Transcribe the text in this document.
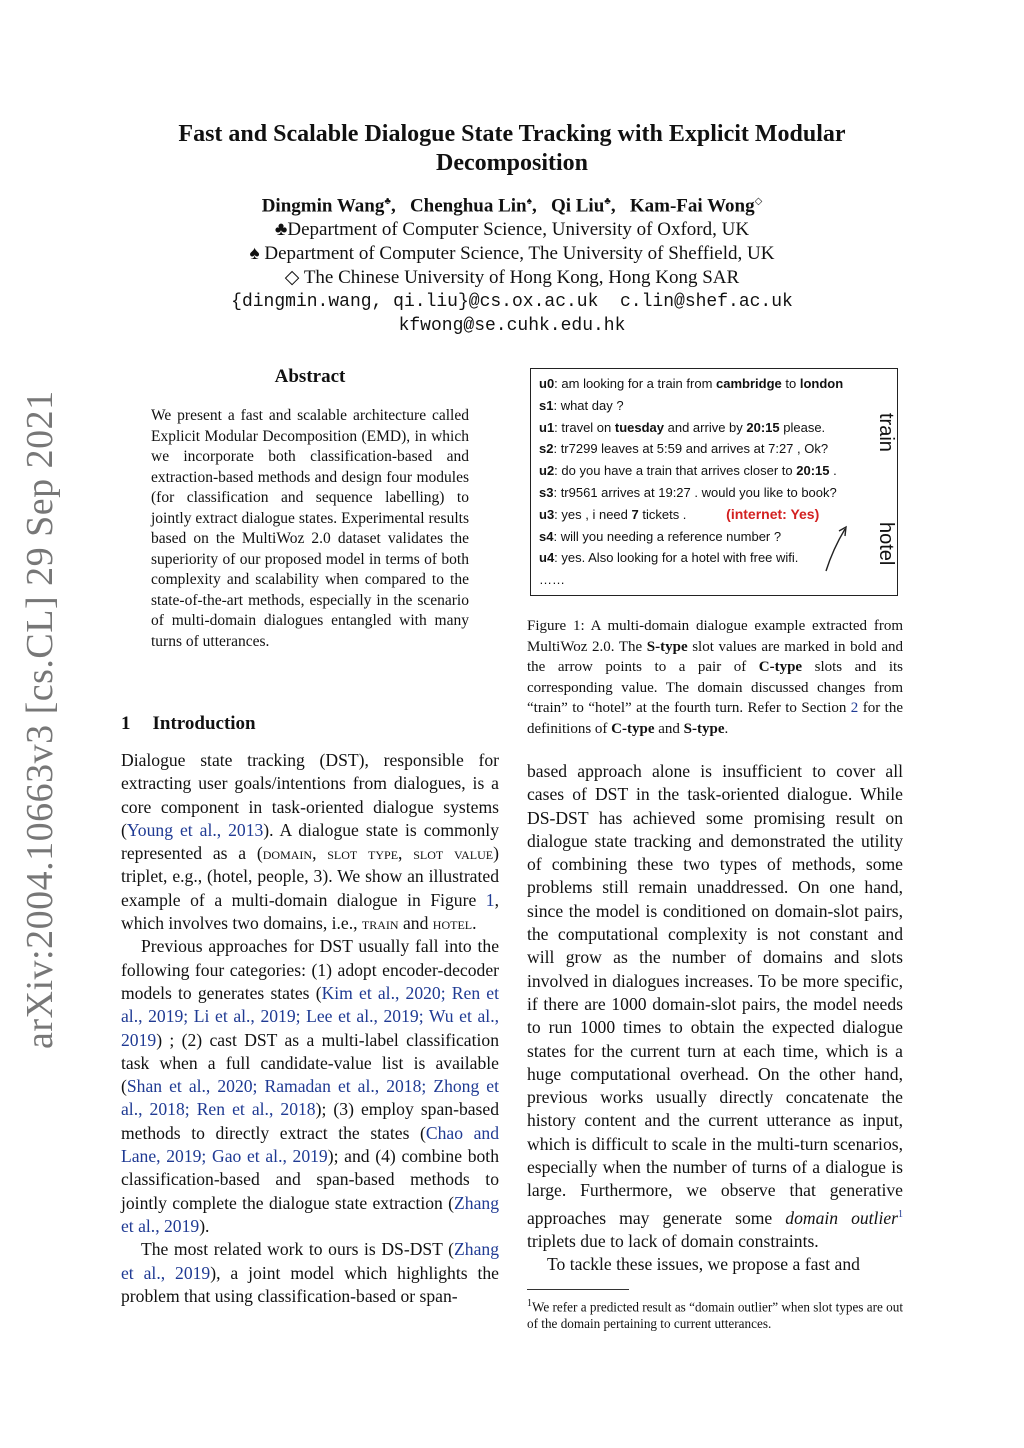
arXiv:2004.10663v3 [cs.CL] 29 Sep 2021
Fast and Scalable Dialogue State Tracking with Explicit Modular Decomposition
Dingmin Wang♣,   Chenghua Lin♠,   Qi Liu♣,   Kam-Fai Wong◇
♣Department of Computer Science, University of Oxford, UK
♠ Department of Computer Science, The University of Sheffield, UK
◇ The Chinese University of Hong Kong, Hong Kong SAR
{dingmin.wang, qi.liu}@cs.ox.ac.uk  c.lin@shef.ac.uk
kfwong@se.cuhk.edu.hk
Abstract
We present a fast and scalable architecture called Explicit Modular Decomposition (EMD), in which we incorporate both classification-based and extraction-based methods and design four modules (for classification and sequence labelling) to jointly extract dialogue states. Experimental results based on the MultiWoz 2.0 dataset validates the superiority of our proposed model in terms of both complexity and scalability when compared to the state-of-the-art methods, especially in the scenario of multi-domain dialogues entangled with many turns of utterances.
1 Introduction

Dialogue state tracking (DST), responsible for extracting user goals/intentions from dialogues, is a core component in task-oriented dialogue systems (Young et al., 2013). A dialogue state is commonly represented as a (domain, slot type, slot value) triplet, e.g., (hotel, people, 3). We show an illustrated example of a multi-domain dialogue in Figure 1, which involves two domains, i.e., train and hotel.

Previous approaches for DST usually fall into the following four categories: (1) adopt encoder-decoder models to generates states (Kim et al., 2020; Ren et al., 2019; Li et al., 2019; Lee et al., 2019; Wu et al., 2019) ; (2) cast DST as a multi-label classification task when a full candidate-value list is available (Shan et al., 2020; Ramadan et al., 2018; Zhong et al., 2018; Ren et al., 2018); (3) employ span-based methods to directly extract the states (Chao and Lane, 2019; Gao et al., 2019); and (4) combine both classification-based and span-based methods to jointly complete the dialogue state extraction (Zhang et al., 2019).

The most related work to ours is DS-DST (Zhang et al., 2019), a joint model which highlights the problem that using classification-based or span-

u0: am looking for a train from cambridge to london
s1: what day ?
u1: travel on tuesday and arrive by 20:15 please.
s2: tr7299 leaves at 5:59 and arrives at 7:27 , Ok?
u2: do you have a train that arrives closer to 20:15 .
s3: tr9561 arrives at 19:27 . would you like to book?
u3: yes , i need 7 tickets .	(internet: Yes)
s4: will you needing a reference number ?
u4: yes. Also looking for a hotel with free wifi.
……
train
hotel
Figure 1: A multi-domain dialogue example extracted from MultiWoz 2.0. The S-type slot values are marked in bold and the arrow points to a pair of C-type slots and its corresponding value. The domain discussed changes from “train” to “hotel” at the fourth turn. Refer to Section 2 for the definitions of C-type and S-type.

based approach alone is insufficient to cover all cases of DST in the task-oriented dialogue. While DS-DST has achieved some promising result on dialogue state tracking and demonstrated the utility of combining these two types of methods, some problems still remain unaddressed. On one hand, since the model is conditioned on domain-slot pairs, the computational complexity is not constant and will grow as the number of domains and slots involved in dialogues increases. To be more specific, if there are 1000 domain-slot pairs, the model needs to run 1000 times to obtain the expected dialogue states for the current turn at each time, which is a huge computational overhead. On the other hand, previous works usually directly concatenate the history content and the current utterance as input, which is difficult to scale in the multi-turn scenarios, especially when the number of turns of a dialogue is large. Furthermore, we observe that generative approaches may generate some domain outlier$^1$ triplets due to lack of domain constraints.

To tackle these issues, we propose a fast and

$^1$We refer a predicted result as “domain outlier” when slot types are out of the domain pertaining to current utterances.
